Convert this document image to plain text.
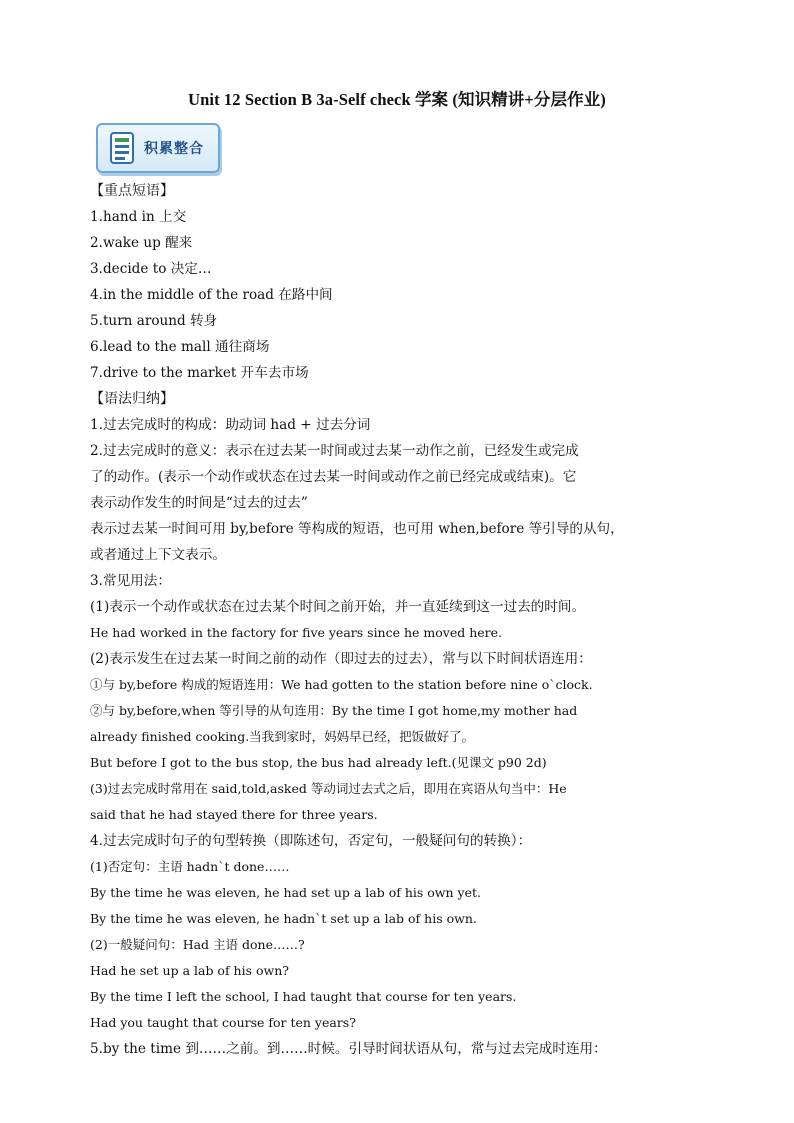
Unit 12 Section B 3a-Self check 学案 (知识精讲+分层作业)
积累整合
【重点短语】
1.hand in 上交
2.wake up 醒来
3.decide to 决定…
4.in the middle of the road 在路中间
5.turn around 转身
6.lead to the mall 通往商场
7.drive to the market 开车去市场
【语法归纳】
1.过去完成时的构成：助动词 had + 过去分词
2.过去完成时的意义：表示在过去某一时间或过去某一动作之前，已经发生或完成
了的动作。(表示一个动作或状态在过去某一时间或动作之前已经完成或结束)。它
表示动作发生的时间是“过去的过去”
表示过去某一时间可用 by,before 等构成的短语，也可用 when,before 等引导的从句，
或者通过上下文表示。
3.常见用法：
(1)表示一个动作或状态在过去某个时间之前开始，并一直延续到这一过去的时间。
He had worked in the factory for five years since he moved here.
(2)表示发生在过去某一时间之前的动作（即过去的过去），常与以下时间状语连用：
①与 by,before 构成的短语连用：We had gotten to the station before nine o`clock.
②与 by,before,when 等引导的从句连用：By the time I got home,my mother had
already finished cooking.当我到家时，妈妈早已经，把饭做好了。
But before I got to the bus stop, the bus had already left.(见课文 p90 2d)
(3)过去完成时常用在 said,told,asked 等动词过去式之后，即用在宾语从句当中：He
said that he had stayed there for three years.
4.过去完成时句子的句型转换（即陈述句，否定句，一般疑问句的转换）：
(1)否定句：主语 hadn`t done……
By the time he was eleven, he had set up a lab of his own yet.
By the time he was eleven, he hadn`t set up a lab of his own.
(2)一般疑问句：Had 主语 done……?
Had he set up a lab of his own?
By the time I left the school, I had taught that course for ten years.
Had you taught that course for ten years?
5.by the time 到……之前。到……时候。引导时间状语从句，常与过去完成时连用：
